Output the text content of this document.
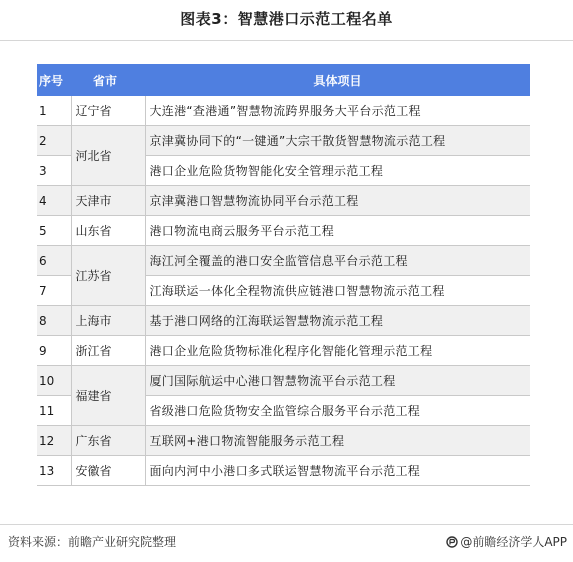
图表3：智慧港口示范工程名单
序号	省市	具体项目
1	辽宁省	大连港“查港通”智慧物流跨界服务大平台示范工程
2	河北省	京津冀协同下的“一键通”大宗干散货智慧物流示范工程
3		港口企业危险货物智能化安全管理示范工程
4	天津市	京津冀港口智慧物流协同平台示范工程
5	山东省	港口物流电商云服务平台示范工程
6	江苏省	海江河全覆盖的港口安全监管信息平台示范工程
7		江海联运一体化全程物流供应链港口智慧物流示范工程
8	上海市	基于港口网络的江海联运智慧物流示范工程
9	浙江省	港口企业危险货物标准化程序化智能化管理示范工程
10	福建省	厦门国际航运中心港口智慧物流平台示范工程
11		省级港口危险货物安全监管综合服务平台示范工程
12	广东省	互联网+港口物流智能服务示范工程
13	安徽省	面向内河中小港口多式联运智慧物流平台示范工程
资料来源：前瞻产业研究院整理	@前瞻经济学人APP
